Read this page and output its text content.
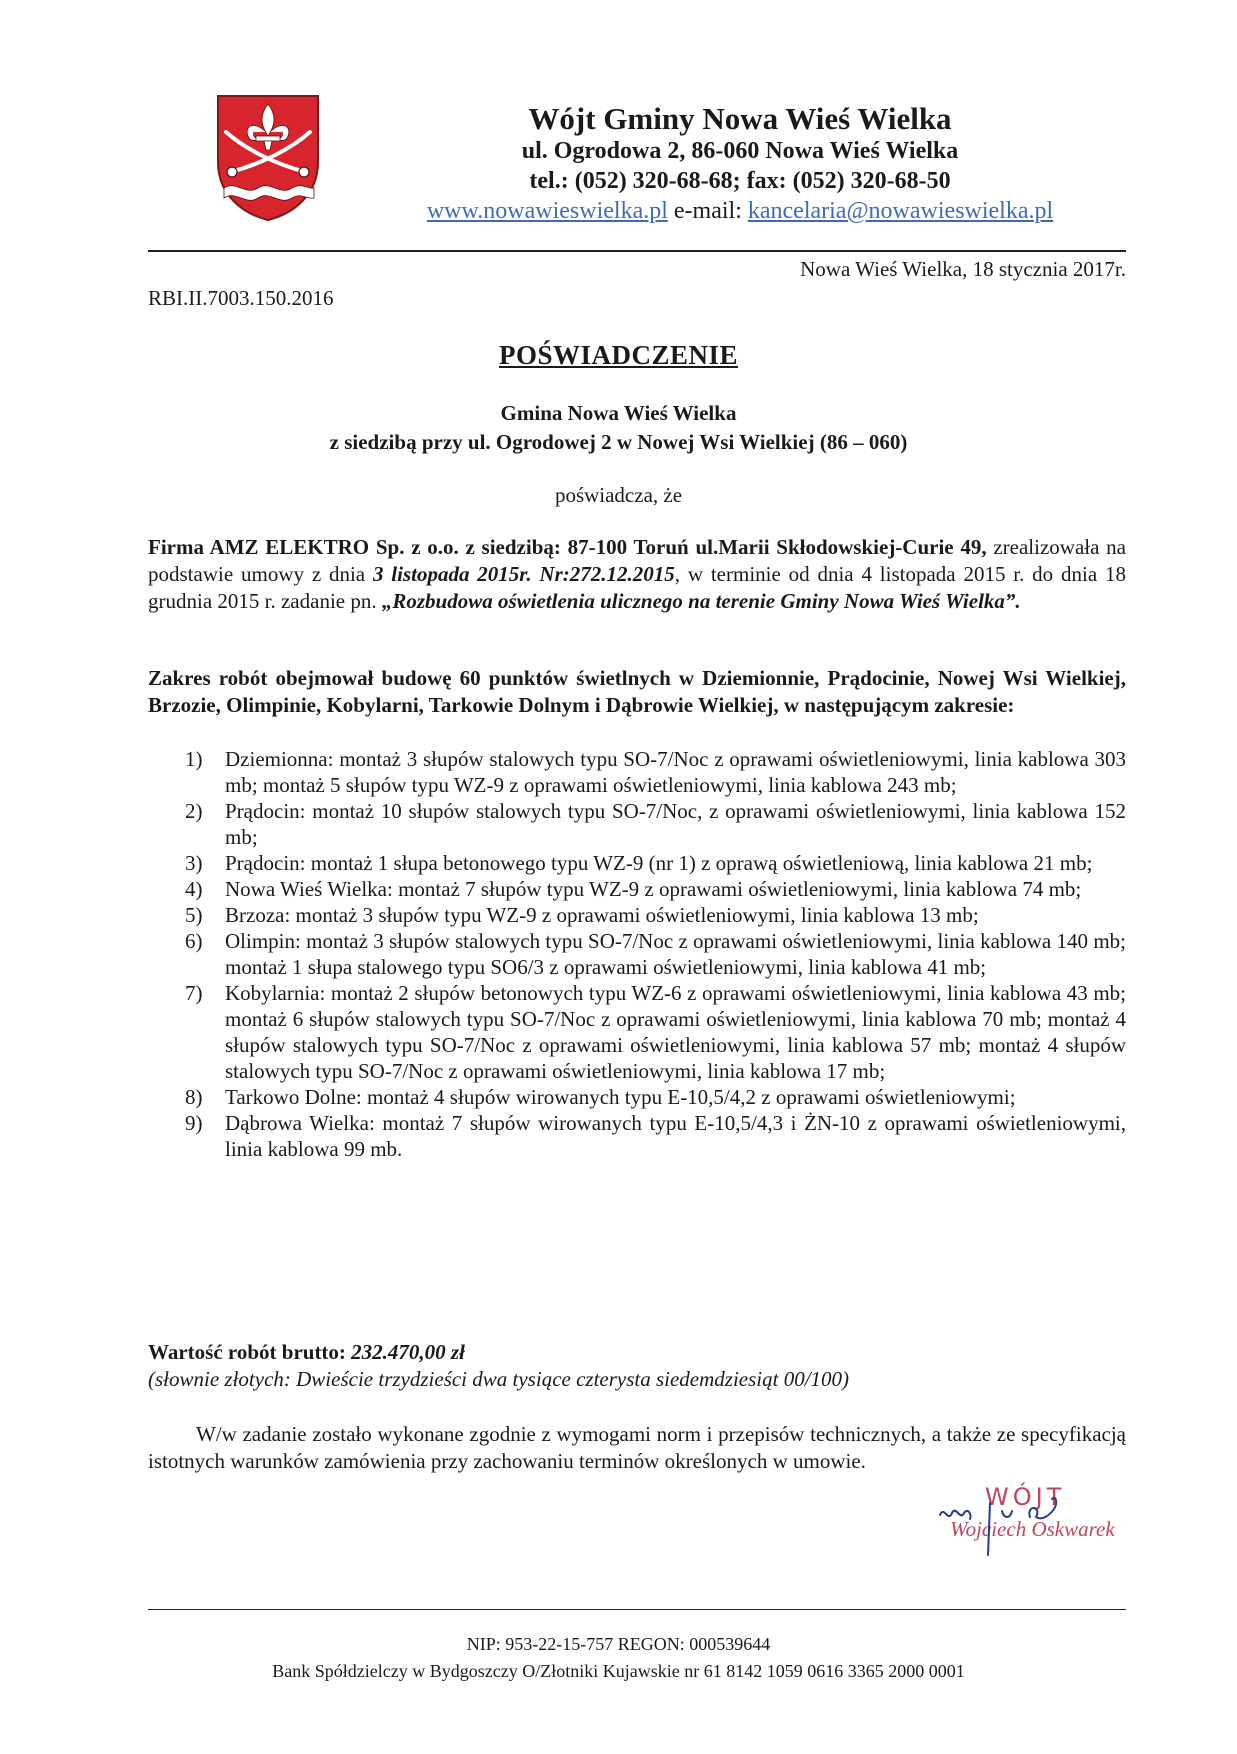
Wójt Gminy Nowa Wieś Wielka
ul. Ogrodowa 2, 86-060 Nowa Wieś Wielka
tel.: (052) 320-68-68; fax: (052) 320-68-50
www.nowawieswielka.pl e-mail: kancelaria@nowawieswielka.pl
Nowa Wieś Wielka, 18 stycznia 2017r.
RBI.II.7003.150.2016
POŚWIADCZENIE
Gmina Nowa Wieś Wielka
z siedzibą przy ul. Ogrodowej 2 w Nowej Wsi Wielkiej (86 – 060)
poświadcza, że
Firma AMZ ELEKTRO Sp. z o.o. z siedzibą: 87-100 Toruń ul.Marii Skłodowskiej-Curie 49, zrealizowała na podstawie umowy z dnia 3 listopada 2015r. Nr:272.12.2015, w terminie od dnia 4 listopada 2015 r. do dnia 18 grudnia 2015 r. zadanie pn. „Rozbudowa oświetlenia ulicznego na terenie Gminy Nowa Wieś Wielka”.
Zakres robót obejmował budowę 60 punktów świetlnych w Dziemionnie, Prądocinie, Nowej Wsi Wielkiej, Brzozie, Olimpinie, Kobylarni, Tarkowie Dolnym i Dąbrowie Wielkiej, w następującym zakresie:
1) Dziemionna: montaż 3 słupów stalowych typu SO-7/Noc z oprawami oświetleniowymi, linia kablowa 303 mb; montaż 5 słupów typu WZ-9 z oprawami oświetleniowymi, linia kablowa 243 mb;
2) Prądocin: montaż 10 słupów stalowych typu SO-7/Noc, z oprawami oświetleniowymi, linia kablowa 152 mb;
3) Prądocin: montaż 1 słupa betonowego typu WZ-9 (nr 1) z oprawą oświetleniową, linia kablowa 21 mb;
4) Nowa Wieś Wielka: montaż 7 słupów typu WZ-9 z oprawami oświetleniowymi, linia kablowa 74 mb;
5) Brzoza: montaż 3 słupów typu WZ-9 z oprawami oświetleniowymi, linia kablowa 13 mb;
6) Olimpin: montaż 3 słupów stalowych typu SO-7/Noc z oprawami oświetleniowymi, linia kablowa 140 mb; montaż 1 słupa stalowego typu SO6/3 z oprawami oświetleniowymi, linia kablowa 41 mb;
7) Kobylarnia: montaż 2 słupów betonowych typu WZ-6 z oprawami oświetleniowymi, linia kablowa 43 mb; montaż 6 słupów stalowych typu SO-7/Noc z oprawami oświetleniowymi, linia kablowa 70 mb; montaż 4 słupów stalowych typu SO-7/Noc z oprawami oświetleniowymi, linia kablowa 57 mb; montaż 4 słupów stalowych typu SO-7/Noc z oprawami oświetleniowymi, linia kablowa 17 mb;
8) Tarkowo Dolne: montaż 4 słupów wirowanych typu E-10,5/4,2 z oprawami oświetleniowymi;
9) Dąbrowa Wielka: montaż 7 słupów wirowanych typu E-10,5/4,3 i ŻN-10 z oprawami oświetleniowymi, linia kablowa 99 mb.
Wartość robót brutto: 232.470,00 zł
(słownie złotych: Dwieście trzydzieści dwa tysiące czterysta siedemdziesiąt 00/100)
W/w zadanie zostało wykonane zgodnie z wymogami norm i przepisów technicznych, a także ze specyfikacją istotnych warunków zamówienia przy zachowaniu terminów określonych w umowie.
WÓJT
Wojciech Oskwarek
NIP: 953-22-15-757 REGON: 000539644
Bank Spółdzielczy w Bydgoszczy O/Złotniki Kujawskie nr 61 8142 1059 0616 3365 2000 0001
